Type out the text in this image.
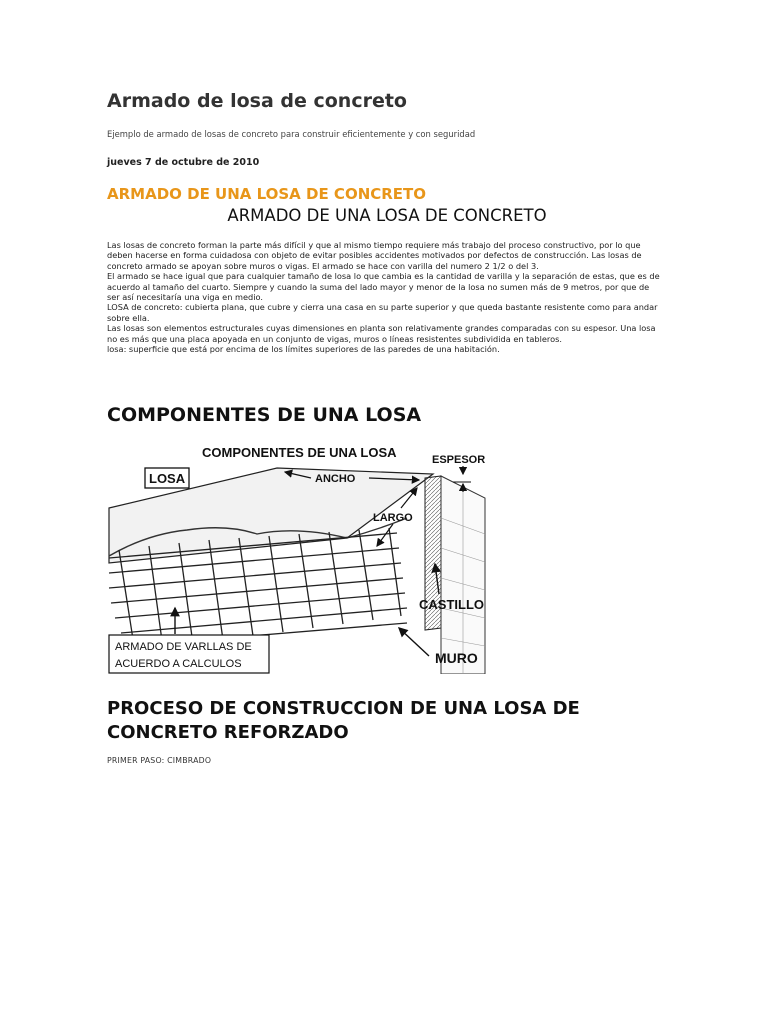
Armado de losa de concreto
Ejemplo de armado de losas de concreto para construir eficientemente y con seguridad
jueves 7 de octubre de 2010
ARMADO DE UNA LOSA DE CONCRETO
ARMADO DE UNA LOSA DE CONCRETO

Las losas de concreto forman la parte más difícil y que al mismo tiempo requiere más trabajo del proceso constructivo, por lo que deben hacerse en forma cuidadosa con objeto de evitar posibles accidentes motivados por defectos de construcción. Las losas de concreto armado se apoyan sobre muros o vigas. El armado se hace con varilla del numero 2 1/2 o del 3.

El armado se hace igual que para cualquier tamaño de losa lo que cambia es la cantidad de varilla y la separación de estas, que es de acuerdo al tamaño del cuarto. Siempre y cuando la suma del lado mayor y menor de la losa no sumen más de 9 metros, por que de ser así necesitaría una viga en medio.

LOSA de concreto: cubierta plana, que cubre y cierra una casa en su parte superior y que queda bastante resistente como para andar sobre ella.

Las losas son elementos estructurales cuyas dimensiones en planta son relativamente grandes comparadas con su espesor. Una losa no es más que una placa apoyada en un conjunto de vigas, muros o líneas resistentes subdividida en tableros.

losa: superficie que está por encima de los límites superiores de las paredes de una habitación.

COMPONENTES DE UNA LOSA
COMPONENTES DE UNA LOSA
LOSA	ANCHO
ESPESOR
LARGO
CASTILLO
MURO
ARMADO DE VARLLAS DE
ACUERDO A CALCULOS
PROCESO DE CONSTRUCCION DE UNA LOSA DE CONCRETO REFORZADO
PRIMER PASO: CIMBRADO
